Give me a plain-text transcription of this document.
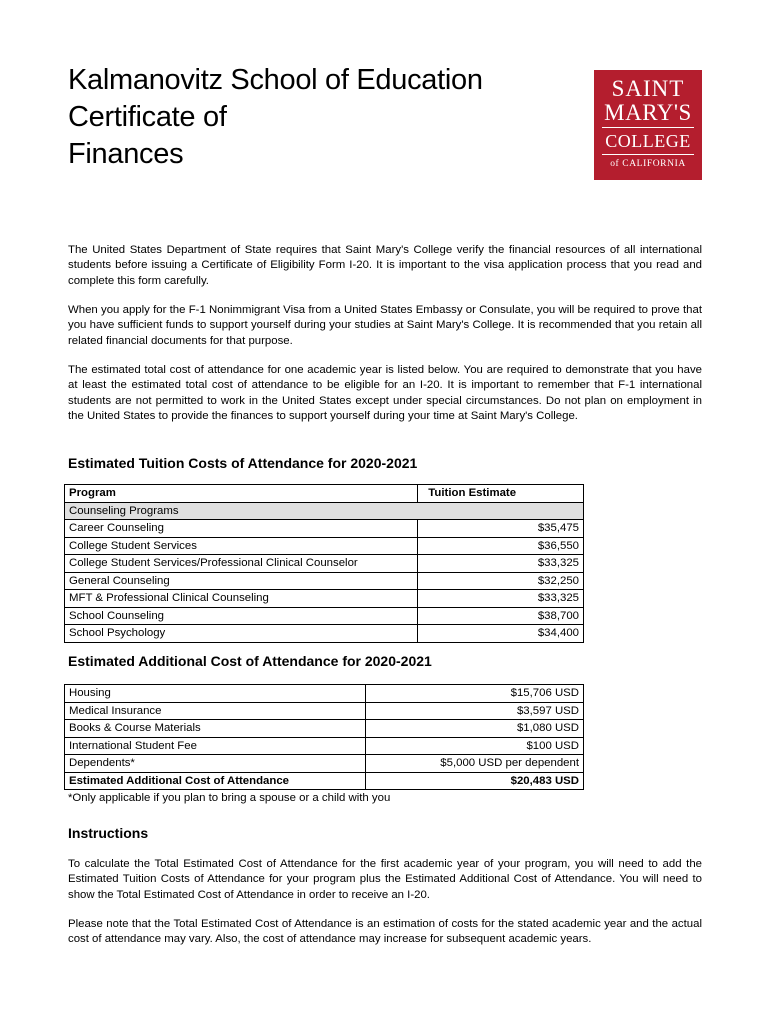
Kalmanovitz School of Education
Certificate of
Finances
SAINT
MARY'S
COLLEGE
of CALIFORNIA

The United States Department of State requires that Saint Mary's College verify the financial resources of all international students before issuing a Certificate of Eligibility Form I-20. It is important to the visa application process that you read and complete this form carefully.

When you apply for the F-1 Nonimmigrant Visa from a United States Embassy or Consulate, you will be required to prove that you have sufficient funds to support yourself during your studies at Saint Mary's College. It is recommended that you retain all related financial documents for that purpose.

The estimated total cost of attendance for one academic year is listed below. You are required to demonstrate that you have at least the estimated total cost of attendance to be eligible for an I-20. It is important to remember that F-1 international students are not permitted to work in the United States except under special circumstances. Do not plan on employment in the United States to provide the finances to support yourself during your time at Saint Mary's College.

Estimated Tuition Costs of Attendance for 2020-2021
Program	Tuition Estimate
Counseling Programs	
Career Counseling	$35,475
College Student Services	$36,550
College Student Services/Professional Clinical Counselor	$33,325
General Counseling	$32,250
MFT & Professional Clinical Counseling	$33,325
School Counseling	$38,700
School Psychology	$34,400
Estimated Additional Cost of Attendance for 2020-2021
Housing	$15,706 USD
Medical Insurance	$3,597 USD
Books & Course Materials	$1,080 USD
International Student Fee	$100 USD
Dependents*	$5,000 USD per dependent
Estimated Additional Cost of Attendance	$20,483 USD
*Only applicable if you plan to bring a spouse or a child with you
Instructions

To calculate the Total Estimated Cost of Attendance for the first academic year of your program, you will need to add the Estimated Tuition Costs of Attendance for your program plus the Estimated Additional Cost of Attendance. You will need to show the Total Estimated Cost of Attendance in order to receive an I-20.

Please note that the Total Estimated Cost of Attendance is an estimation of costs for the stated academic year and the actual cost of attendance may vary. Also, the cost of attendance may increase for subsequent academic years.
